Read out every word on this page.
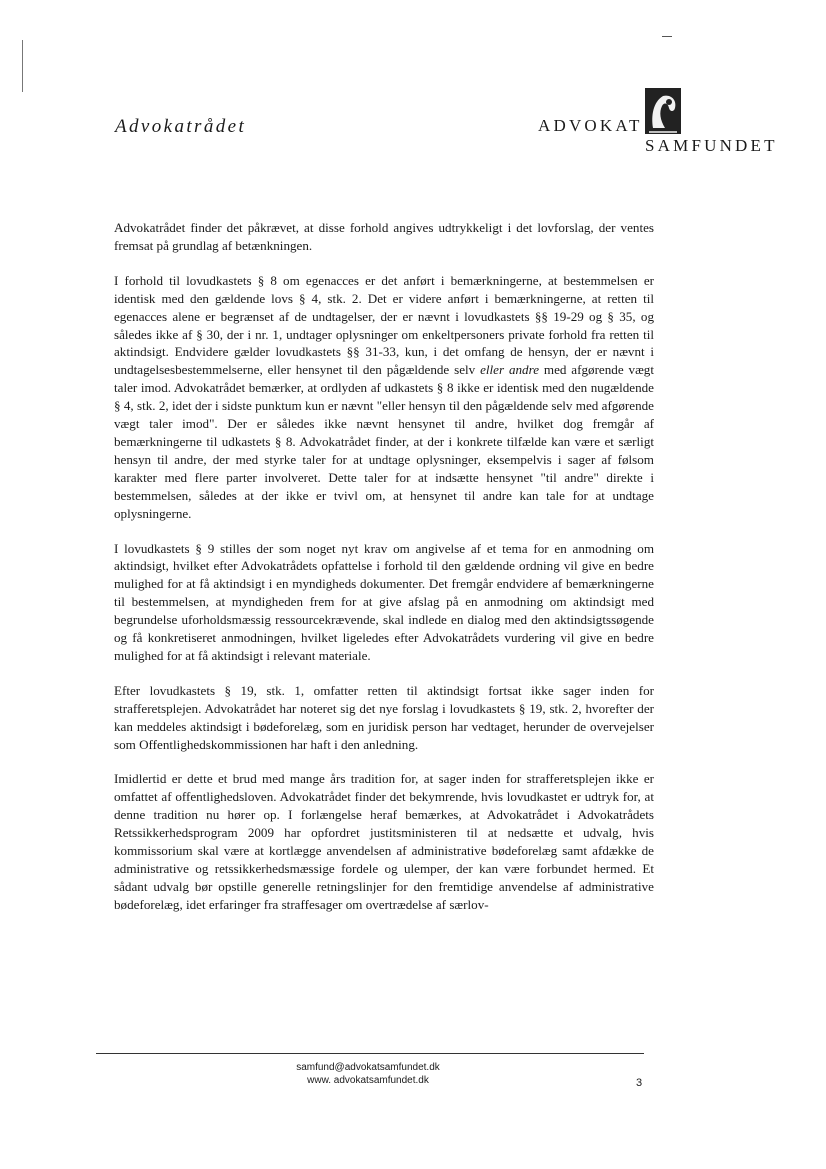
Advokatrådet	ADVOKAT
SAMFUNDET

Advokatrådet finder det påkrævet, at disse forhold angives udtrykkeligt i det lovforslag, der ventes fremsat på grundlag af betænkningen.

I forhold til lovudkastets § 8 om egenacces er det anført i bemærkningerne, at bestemmelsen er identisk med den gældende lovs § 4, stk. 2. Det er videre anført i bemærkningerne, at retten til egenacces alene er begrænset af de undtagelser, der er nævnt i lovudkastets §§ 19-29 og § 35, og således ikke af § 30, der i nr. 1, undtager oplysninger om enkeltpersoners private forhold fra retten til aktindsigt. Endvidere gælder lovudkastets §§ 31-33, kun, i det omfang de hensyn, der er nævnt i undtagelsesbestemmelserne, eller hensynet til den pågældende selv eller andre med afgørende vægt taler imod. Advokatrådet bemærker, at ordlyden af udkastets § 8 ikke er identisk med den nugældende § 4, stk. 2, idet der i sidste punktum kun er nævnt "eller hensyn til den pågældende selv med afgørende vægt taler imod". Der er således ikke nævnt hensynet til andre, hvilket dog fremgår af bemærkningerne til udkastets § 8. Advokatrådet finder, at der i konkrete tilfælde kan være et særligt hensyn til andre, der med styrke taler for at undtage oplysninger, eksempelvis i sager af følsom karakter med flere parter involveret. Dette taler for at indsætte hensynet "til andre" direkte i bestemmelsen, således at der ikke er tvivl om, at hensynet til andre kan tale for at undtage oplysningerne.

I lovudkastets § 9 stilles der som noget nyt krav om angivelse af et tema for en anmodning om aktindsigt, hvilket efter Advokatrådets opfattelse i forhold til den gældende ordning vil give en bedre mulighed for at få aktindsigt i en myndigheds dokumenter. Det fremgår endvidere af bemærkningerne til bestemmelsen, at myndigheden frem for at give afslag på en anmodning om aktindsigt med begrundelse uforholdsmæssig ressourcekrævende, skal indlede en dialog med den aktindsigtssøgende og få konkretiseret anmodningen, hvilket ligeledes efter Advokatrådets vurdering vil give en bedre mulighed for at få aktindsigt i relevant materiale.

Efter lovudkastets § 19, stk. 1, omfatter retten til aktindsigt fortsat ikke sager inden for strafferetsplejen. Advokatrådet har noteret sig det nye forslag i lovudkastets § 19, stk. 2, hvorefter der kan meddeles aktindsigt i bødeforelæg, som en juridisk person har vedtaget, herunder de overvejelser som Offentlighedskommissionen har haft i den anledning.

Imidlertid er dette et brud med mange års tradition for, at sager inden for strafferetsplejen ikke er omfattet af offentlighedsloven. Advokatrådet finder det bekymrende, hvis lovudkastet er udtryk for, at denne tradition nu hører op. I forlængelse heraf bemærkes, at Advokatrådet i Advokatrådets Retssikkerhedsprogram 2009 har opfordret justitsministeren til at nedsætte et udvalg, hvis kommissorium skal være at kortlægge anvendelsen af administrative bødeforelæg samt afdække de administrative og retssikkerhedsmæssige fordele og ulemper, der kan være forbundet hermed. Et sådant udvalg bør opstille generelle retningslinjer for den fremtidige anvendelse af administrative bødeforelæg, idet erfaringer fra straffesager om overtrædelse af særlov-

samfund@advokatsamfundet.dk
www. advokatsamfundet.dk	3
